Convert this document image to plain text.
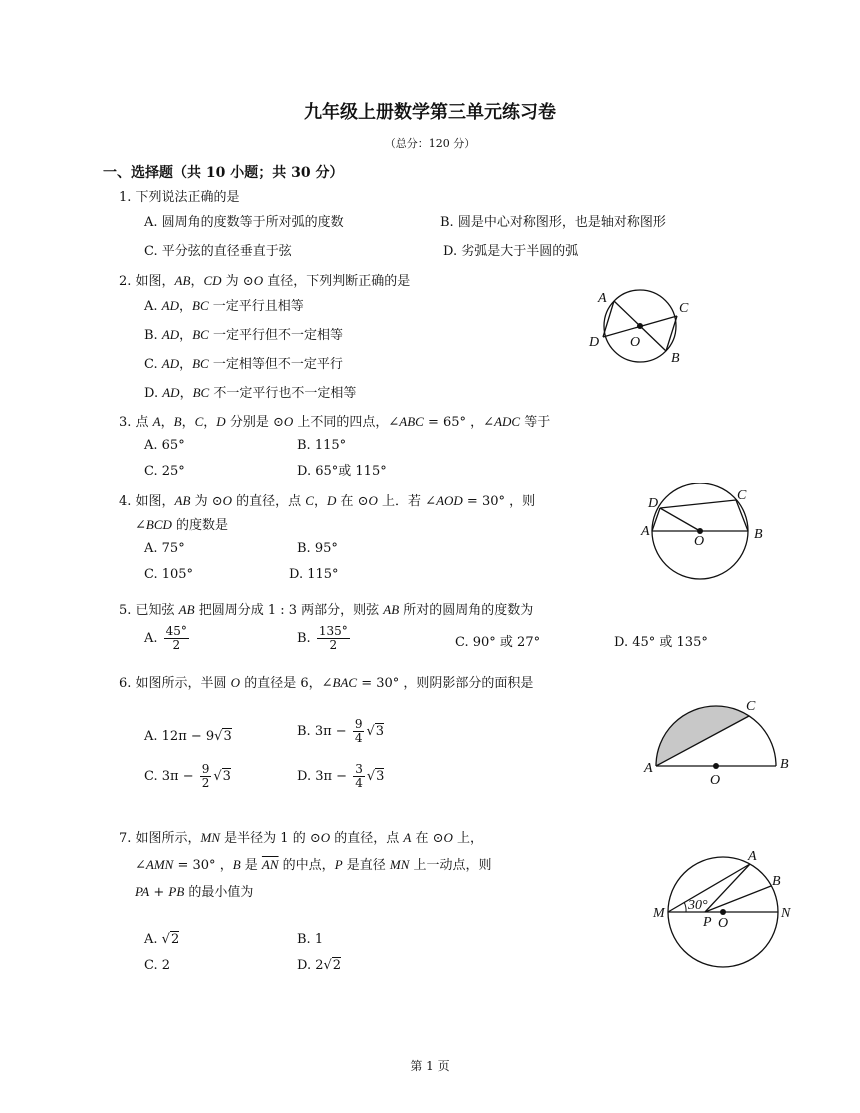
九年级上册数学第三单元练习卷
（总分：120 分）
一、选择题（共 10 小题；共 30 分）
1. 下列说法正确的是
A. 圆周角的度数等于所对弧的度数	B. 圆是中心对称图形，也是轴对称图形
C. 平分弦的直径垂直于弦	D. 劣弧是大于半圆的弧
2. 如图，AB，CD 为 ⊙O 直径，下列判断正确的是
A. AD，BC 一定平行且相等
B. AD，BC 一定平行但不一定相等
C. AD，BC 一定相等但不一定平行
D. AD，BC 不一定平行也不一定相等
A
C
D O
B
3. 点 A，B，C，D 分别是 ⊙O 上不同的四点，∠ABC = 65° ，∠ADC 等于
A. 65°	B. 115°
C. 25°	D. 65°或 115°
4. 如图，AB 为 ⊙O 的直径，点 C，D 在 ⊙O 上．若 ∠AOD = 30° ，则
∠BCD 的度数是
A. 75°	B. 95°
C. 105°	D. 115°
D
C
A
O	B
5. 已知弦 AB 把圆周分成 1 : 3 两部分，则弦 AB 所对的圆周角的度数为
A. $\frac{45^\circ}{2}$	B. $\frac{135^\circ}{2}$	C. 90° 或 27°	D. 45° 或 135°
6. 如图所示，半圆 O 的直径是 6，∠BAC = 30° ，则阴影部分的面积是
A. 12π − 9√3	B. $3\pi - \frac{9}{4} √3$
C. $3\pi - \frac{9}{2} √3$	D. $3\pi - \frac{3}{4} √3$
C
A	B
O
7. 如图所示，MN 是半径为 1 的 ⊙O 的直径，点 A 在 ⊙O 上，
∠AMN = 30° ，B 是 $\overline{AN}$ 的中点，P 是直径 MN 上一动点，则
PA + PB 的最小值为
A. √2	B. 1
C. 2	D. 2√2
30°
A
B
M	N
P O
第 1 页
